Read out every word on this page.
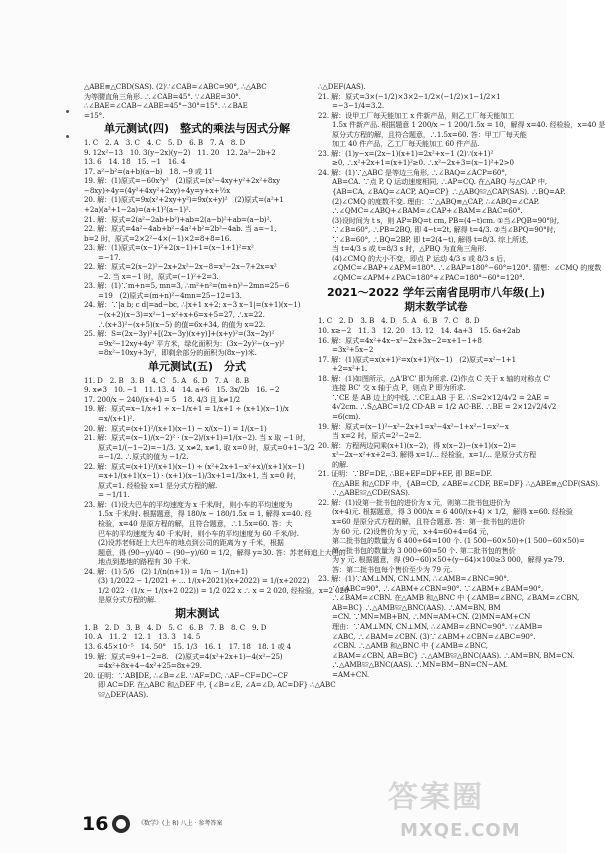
△ABE≌△CBD(SAS). (2)∵∠CAB=∠ABC=90°, ∴△ABC
为等腰直角三角形. ∴∠CAB=45°. ∵∠ABE=30°.
∴∠BAE=∠CAB−∠ABE=45°−30°=15°. ∴∠BAE
=15°.
单元测试(四)　整式的乘法与因式分解
1. C　2. A　3. C　4. C　5. D　6. B　7. A　8. D
9. 12x²−13　10. 3(y−2x)(y−2)　11. 20　12. 2a²−2b+2
13. 6　14. 18　15. −1　16. 4
17. a²−b²=(a+b)(a−b)　18. −9 或 11
19. 解：(1)原式=−60x²y²　(2)原式=(x²−4xy+y²+2x²+8xy
−8xy)÷4y=(4y²+4xy²+2xy)÷4y=y+x+½x
20. 解：(1)原式=9x(x²+2xy+y²)=9x(x+y)²　(2)原式=(a²+1
+2a)(a²+1−2a)=(a+1)²(a−1)².
21. 解：原式=2(a²−2ab+b²)+ab=2(a−b)²+ab=(a−b)².
22. 解：原式=4a²−4ab+b²−4a²+b²=2b²−4ab. 当 a=−1,
b=2 时，原式=2×2²−4×(−1)×2=8+8=16.
23. 解：(1)原式=(x−1)²+2(x−1)+1=(x−1+1)²=x²
　　=−17.
22. 解：原式=2(x−2)²−2x+2x²−2x−8=x²−2x−7+2x=x²
　　−2. 当 x=−1 时，原式=(−1)²+2=3.
23. 解：(1)∵m+n=5, mn=3, ∴m²+n²=(m+n)²−2mn=25−6
　　=19　(2)原式=(m+n)²−4mn=25−12=13.
24. 解：∵|a b; c d|=ad−bc, ∴|x+1 x+2; x−3 x−1|=(x+1)(x−1)
　　−(x+2)(x−3)=x²−1−x²+x+6=x+5=27, ∴x=22.
　　∴(x+3)²−(x+5)(x−5) 的值=6x+34, 的值为 x=22.
25. 解：S=(2x−3y)²+[(2x−3y)(x+y)]+(x+y)²=(3x−2y)²
　　=9x²−12xy+4y² 平方米，绿化面积为：(3x−2y)²−(x−y)²
　　=8x²−10xy+3y²，即剩余部分的面积为(8x−y)米.
单元测试(五)　分式
11. D　2. B　3. B　4. C　5. A　6. D　7. A　8. B
9. x≠3　10. −1　11. 13. 4　14. a+6　15. 3x/2b　16. −2
17. 200/x − 240/(x+4) = 5　18. 4/3 且 k≠1/2
19. 解：原式=x−1/x+1 ÷ x−1/x+1 = 1/x+1 ÷ (x+1)(x−1)/x
　　=x/(x+1)².
20. 解：原式=(x+1)²/(x+1)(x−1) − x/(x−1) = 1/(x−1)
21. 解：原式=(x−1)/(x−2)² · (x−2)/(x+1)=1/(x−2). 当 x 取 −1 时，
　　原式=1/(−1−2)=−1/3. 又 x≠2, x≠1, 取 x=0 时，原式=0+1−3/2
　　=−1/2. ∴原式的值为 −1/2.
22. 解：原式=(x+1)²/(x+1)(x−1) ÷ (x²+2x+1−x²+x)/(x+1)(x−1)
　　=x+1/(x+1)(x−1) · (x+1)(x−1)/3x+1=1/3x+1, 当 x=0 时，
　　原式=1. 经检验 x=1 是分式方程的解.
　　= −1/11.
23. 解：(1)设大巴车的平均速度为 x 千米/时，则小车的平均速度为
　　1.5x 千米/时. 根据题意，得 180/x − 180/1.5x = 1, 解得 x=40. 经
　　检验，x=40 是原方程的解，且符合题意，∴1.5x=60. 答：大
　　巴车的平均速度为 40 千米/时，则小车的平均速度为 60 千米/时.
　　(2)设苏老师赶上大巴车的地点到公司的距离为 y 千米，根据
　　题意，得 (90−y)/40 − (90−y)/60 = 1/2，解得 y=30. 答：苏老师追上大巴的
　　地点到基地的路程有 30 千米.
24. 解：(1) 5/6　(2) 1/(n(n+1)) = 1/n − 1/(n+1)
　　(3) 1/2022 − 1/2021 + ... 1/(x+2021)(x+2022) = 1/(x+2022)
　　1/2 022 · (1/x − 1/(x+2 022)) = 1/2 022 x ∴ x = 2 020, 经检验，x=2 020
　　是原分式方程的解.
期末测试
1. B　2. D　3. B　4. D　5. C　6. B　7. B　8. C　9. D
10. A　11. 2　12. 1　13. 3　14. 5
13. 6.45×10⁻⁵　14. 50°　15. 1/3　16. 1　17. 18　18. 1 或 4
19. 解：原式=9+1−2=8.　(2)原式=4(x²+2x+1)−4(x²−25)
　　=4x²+8x+4−4x²+25=8x+29.
20. 证明：∵AB∥DE, ∴∠B=∠E. ∵AF=DC, ∴AF−CF=DC−CF
　　即 AC=DF. 在△ABC 和△DEF 中, {∠B=∠E, ∠A=∠D, AC=DF} ∴△ABC
　　≌△DEF(AAS).
∴△DEF(AAS).
21. 解：原式=3×(−1/2)×3×2−1/2×(−1/2)×1−1/2×1
　　=−3−1/4=3.2.
22. 解：设甲工厂每天能加工 x 件新产品，则乙工厂每天能加工
　　1.5x 件新产品. 根据题意 1 200/x − 1 200/1.5x = 10，解得 x=40. 经检验，x=40 是
　　原分式方程的解，且符合题意，∴1.5x=60. 答：甲工厂每天能
　　加工 40 件产品，乙工厂每天能加工 60 件产品.
23. 解：(1)y−x=(2x−1)(x+1)=2x²+x−1 (2)∵(x+1)²
　　≥0, ∴x²+2x+1=(x+1)²≥0. ∴x²−2x+3=(x−1)²+2>0
24. 解：(1)∵△ABC 是等边三角形, ∴∠BAQ=∠ACP=60°,
　　AB=CA. ∵点 P, Q 运动速度相同, ∴AP=CQ. 在△ABQ 与△CAP 中,
　　{AB=CA, ∠BAQ=∠ACP, AQ=CP} ∴△ABQ≌△CAP(SAS). ∴BQ=AP.
　　(2)∠CMQ 的度数不变. 理由：∵△ABQ≌△CAP, ∴∠ABQ=∠CAP.
　　∴∠QMC=∠ABQ+∠BAM=∠CAP+∠BAM=∠BAC=60°.
　　(3)设时间为 t s，则 AP=BQ=t cm, PB=(4−t)cm. ①当∠PQB=90°时,
　　∵∠B=60°, ∴PB=2BQ, 即 4−t=2t, 解得 t=4/3. ②当∠BPQ=90°时,
　　∵∠B=60°, ∴BQ=2BP, 即 t=2(4−t), 解得 t=8/3. 综上所述，
　　当 t=4/3 s 或 t=8/3 s 时，△PBQ 为直角三角形.
　　(4)∠CMQ 的大小不变，即点 P 运动 4/3 s 或 8/3 s 后，
　　∠QMC=∠BAP+∠APM=180°. ∴∠BAP=180°−60°=120°. 猜想：∠CMQ 的度数
　　∠QMC=∠APM+∠PAC=180°+∠PAC=180°−60°=120°.
2021～2022 学年云南省昆明市八年级(上)
期末数学试卷
1. C　2. D　3. B　4. D　5. A　6. B　7. C　8. D
10. x≥−2　11. 3　12. 20　13. 12　14. 4a+3　15. 6a+2ab
16. 解：原式=4x²+4x−x²−2x+3x−2=x+1−1+8
　　=3x²+5x−2
17. 解：(1)原式=x(x+1)²=x(x+1)²(x−1)　(2)原式=x²−1+1
　　+2=x²+1.
18. 解：(1)如图所示，△A'B'C' 即为所求. (2)作点 C 关于 x 轴的对称点 C'
　　连接 BC' 交 x 轴于点 P，则点 P 即为所求.
　　∵CE 是 AB 边上的中线, ∴CE⊥AB 于 E. ∴S=2×12/4√2 = 2AE =
　　4√2cm. ∴S△ABC=1/2 CD·AB = 1/2 AC·BE. ∴BE = 2×12√2/4√2
　　=6(cm).
19. 解：原式=(x−1)²−x²−2x+1=x²−4x²−1+x²−1=x²−x
　　当 x=2 时，原式=2²−2=2.
20. 解：方程两边同乘(x+1)(x−2)，得 x(x−2)−(x+1)(x−2)=
　　x²−2x−x²+x+2=3. 解得 x=1/... 经检验，x=1/... 是原分式方程
　　的解.
21. 证明：∵BF=DE, ∴BE+EF=DF+EF, 即 BE=DF.
　　在△ABE 和△CDF 中，{AB=CD, ∠ABE=∠CDF, BE=DF} ∴△ABE≌△CDF(SAS).
　　∴△ABE≌△CDE(SAS).
22. 解：(1)设第一批书包的进价为 x 元，则第二批书包进价为
　　(x+4)元. 根据题意，得 3 000/x = 6 400/(x+4) × 1/2，解得 x=60. 经检验
　　x=60 是原分式方程的解，且符合题意. 答：第一批书包的进价
　　为 60 元. (2)设售价为 y 元，x+4=60+4=64 元，
　　第二批书包的数量为 6 400÷64=100 个. (1 500−60×50)÷(1 500−60×50)=
　　第一批书包的数量为 3 000÷60=50 个. 第二批书包的售价
　　为 y 元. 根据题意，得 (90−60)×50+(y−64)×100≥3 000，解得 y≥79.
　　答：第二批书包每个售价至少为 79 元.
23. 解：(1)∵AM⊥MN, CN⊥MN, ∴∠AMB=∠BNC=90°.
　　∵∠ABC=90°, ∴∠ABM+∠CBN=90°. ∵∠ABM+∠BAM=90°.
　　∴∠BAM=∠CBN. 在△AMB 和△BNC 中 {∠AMB=∠BNC, ∠BAM=∠CBN,
　　AB=BC} ∴△AMB≌△BNC(AAS). ∴AM=BN, BM
　　=CN. ∵MN=MB+BN, ∴MN=AM+CN. (2)MN=AM+CN
　　理由：∵AM⊥MN, CN⊥MN, ∴∠AMB=∠BNC=90°. ∵∠AMB=
　　∠ABC, ∴∠BAM=∠CBN. (3)∵∠ABM+∠CBN=∠ABC=90°.
　　∠CBN. ∴△AMB 和△BNC 中 {∠AMB=∠BNC,
　　∠BAM=∠CBN, AB=BC} ∴△AMB≌△BNC(AAS). ∴AM=BN, BM=CN.
　　∴△AMB≌△BNC(AAS). ∴MN=BM−BN=CN−AM.
　　=AM+CN.
答案圈
MXQE.COM
16	《数学》(上 R) 八上 · 参考答案
